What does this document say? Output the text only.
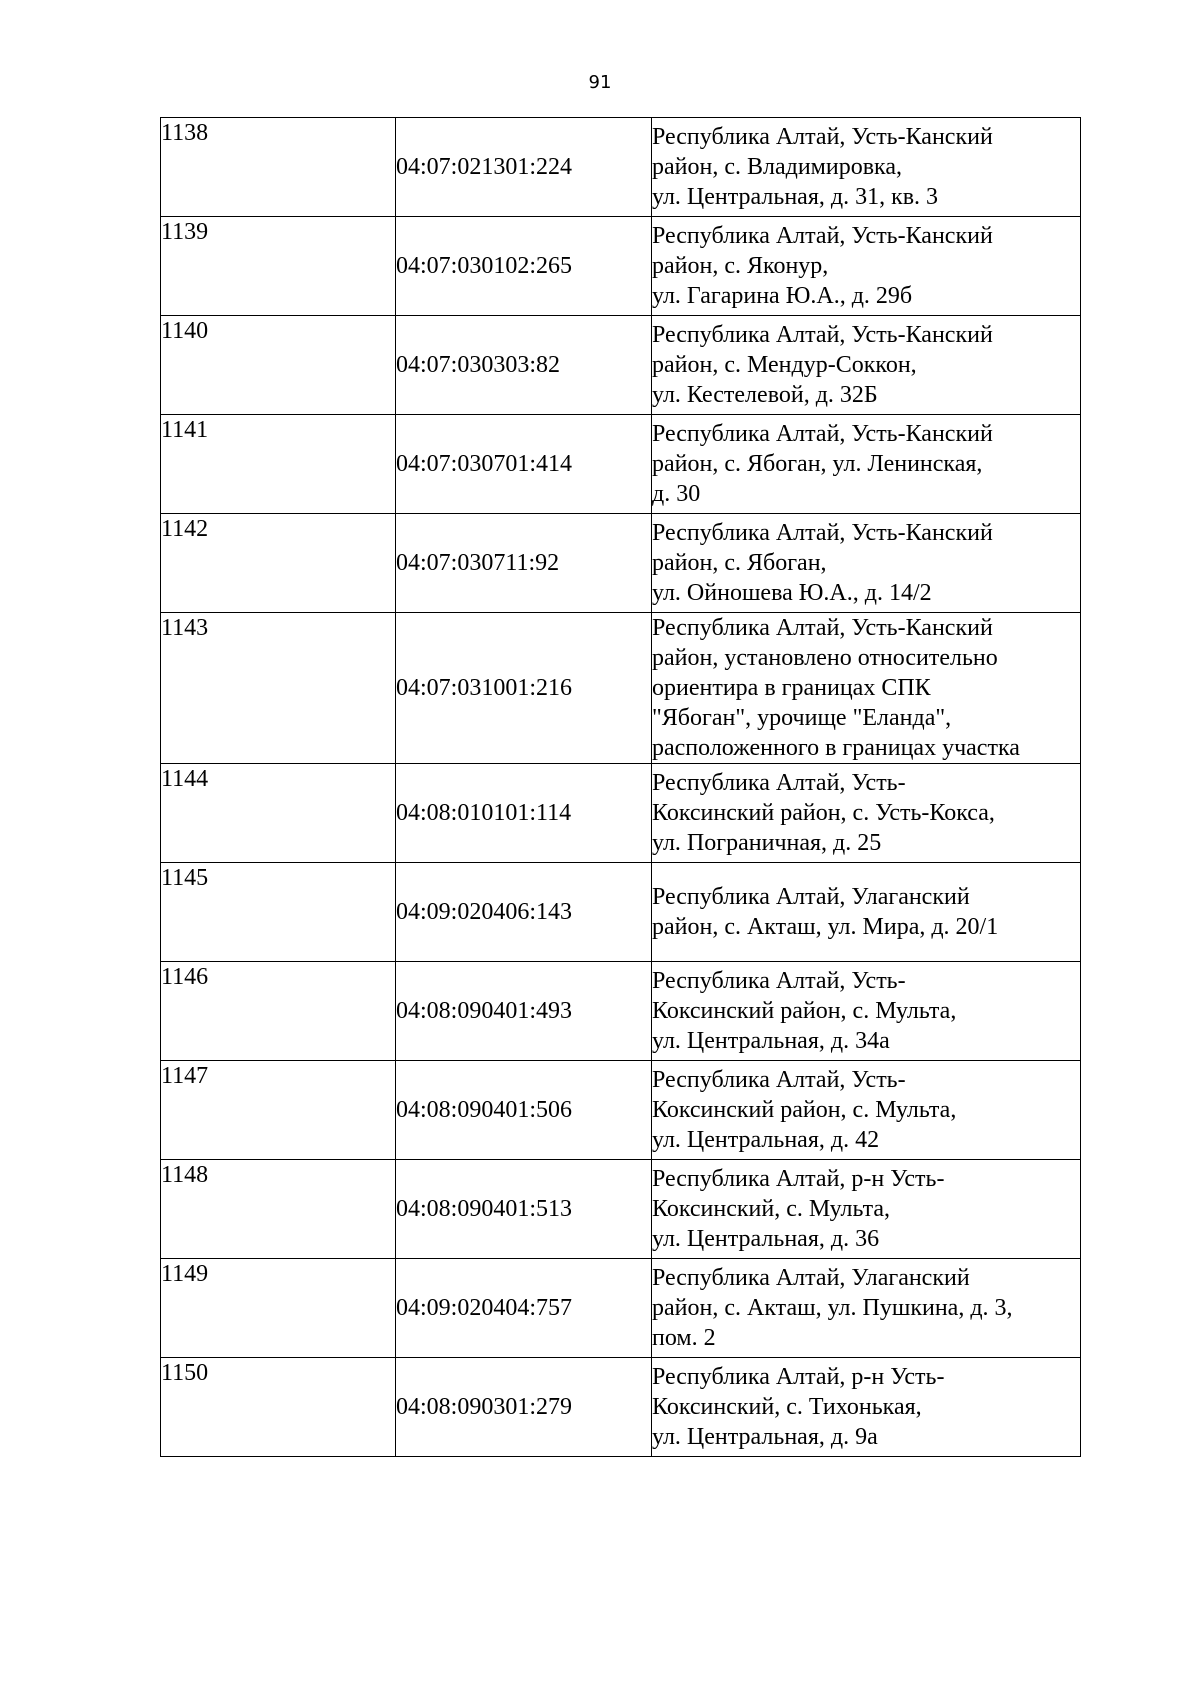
91
1138	04:07:021301:224	Республика Алтай, Усть-Канский
район, с. Владимировка,
ул. Центральная, д. 31, кв. 3
1139	04:07:030102:265	Республика Алтай, Усть-Канский
район, с. Яконур,
ул. Гагарина Ю.А., д. 29б
1140	04:07:030303:82	Республика Алтай, Усть-Канский
район, с. Мендур-Соккон,
ул. Кестелевой, д. 32Б
1141	04:07:030701:414	Республика Алтай, Усть-Канский
район, с. Ябоган, ул. Ленинская,
д. 30
1142	04:07:030711:92	Республика Алтай, Усть-Канский
район, с. Ябоган,
ул. Ойношева Ю.А., д. 14/2
1143	04:07:031001:216	Республика Алтай, Усть-Канский
район, установлено относительно
ориентира в границах СПК
"Ябоган", урочище "Еланда",
расположенного в границах участка
1144	04:08:010101:114	Республика Алтай, Усть-
Коксинский район, с. Усть-Кокса,
ул. Пограничная, д. 25
1145	04:09:020406:143	Республика Алтай, Улаганский
район, с. Акташ, ул. Мира, д. 20/1
1146	04:08:090401:493	Республика Алтай, Усть-
Коксинский район, с. Мульта,
ул. Центральная, д. 34а
1147	04:08:090401:506	Республика Алтай, Усть-
Коксинский район, с. Мульта,
ул. Центральная, д. 42
1148	04:08:090401:513	Республика Алтай, р-н Усть-
Коксинский, с. Мульта,
ул. Центральная, д. 36
1149	04:09:020404:757	Республика Алтай, Улаганский
район, с. Акташ, ул. Пушкина, д. 3,
пом. 2
1150	04:08:090301:279	Республика Алтай, р-н Усть-
Коксинский, с. Тихонькая,
ул. Центральная, д. 9а
